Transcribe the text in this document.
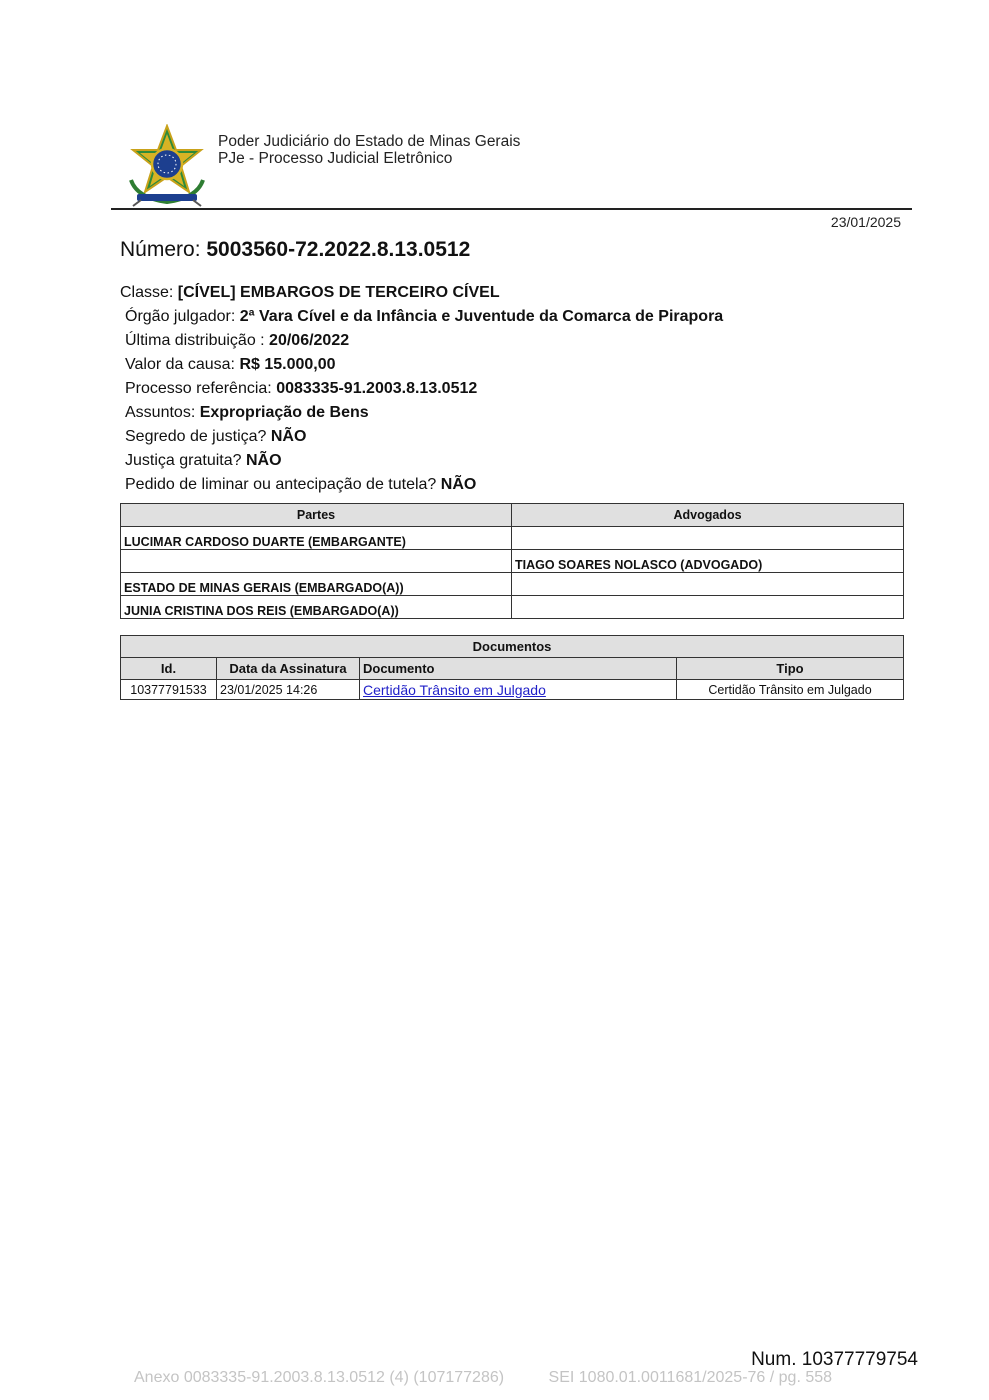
Poder Judiciário do Estado de Minas Gerais
PJe - Processo Judicial Eletrônico
23/01/2025
Número: 5003560-72.2022.8.13.0512
Classe: [CÍVEL] EMBARGOS DE TERCEIRO CÍVEL
Órgão julgador: 2ª Vara Cível e da Infância e Juventude da Comarca de Pirapora
Última distribuição : 20/06/2022
Valor da causa: R$ 15.000,00
Processo referência: 0083335-91.2003.8.13.0512
Assuntos: Expropriação de Bens
Segredo de justiça? NÃO
Justiça gratuita? NÃO
Pedido de liminar ou antecipação de tutela? NÃO
Partes	Advogados
LUCIMAR CARDOSO DUARTE (EMBARGANTE)	
	TIAGO SOARES NOLASCO (ADVOGADO)
ESTADO DE MINAS GERAIS (EMBARGADO(A))	
JUNIA CRISTINA DOS REIS (EMBARGADO(A))	
Documentos			
Id.	Data da Assinatura	Documento	Tipo
10377791533	23/01/2025 14:26	Certidão Trânsito em Julgado	Certidão Trânsito em Julgado
Num. 10377779754
Anexo 0083335-91.2003.8.13.0512 (4) (107177286)	SEI 1080.01.0011681/2025-76 / pg. 558
